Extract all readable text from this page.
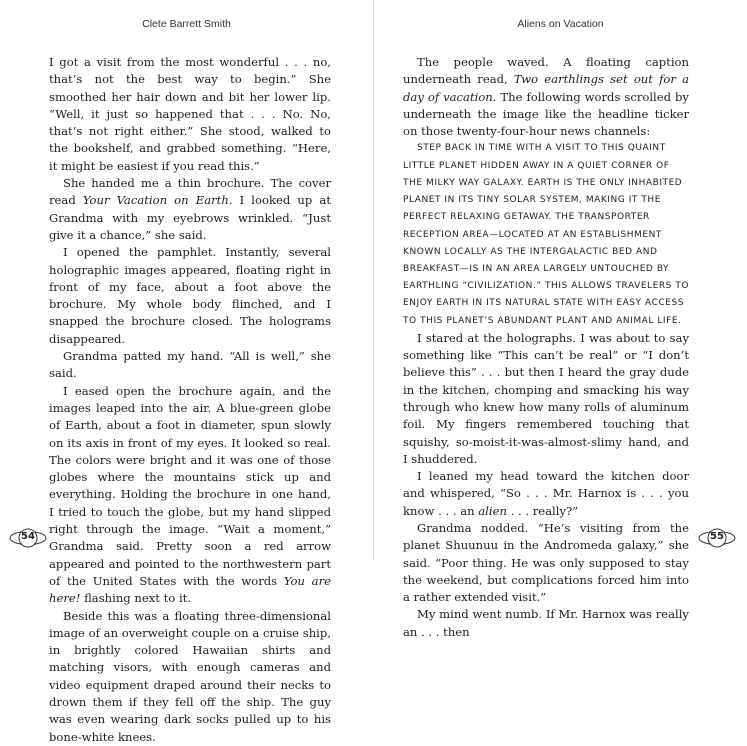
Clete Barrett Smith

I got a visit from the most wonderful . . . no, that’s not the best way to begin.” She smoothed her hair down and bit her lower lip. “Well, it just so happened that . . . No. No, that’s not right either.” She stood, walked to the bookshelf, and grabbed something. “Here, it might be easiest if you read this.”

She handed me a thin brochure. The cover read Your Vacation on Earth. I looked up at Grandma with my eyebrows wrinkled. “Just give it a chance,” she said.

I opened the pamphlet. Instantly, several holographic images appeared, floating right in front of my face, about a foot above the brochure. My whole body flinched, and I snapped the brochure closed. The holograms disappeared.

Grandma patted my hand. “All is well,” she said.

I eased open the brochure again, and the images leaped into the air. A blue-green globe of Earth, about a foot in diameter, spun slowly on its axis in front of my eyes. It looked so real. The colors were bright and it was one of those globes where the mountains stick up and everything. Holding the brochure in one hand, I tried to touch the globe, but my hand slipped right through the image. “Wait a moment,” Grandma said. Pretty soon a red arrow appeared and pointed to the northwestern part of the United States with the words You are here! flashing next to it.

Beside this was a floating three-dimensional image of an overweight couple on a cruise ship, in brightly colored Hawaiian shirts and matching visors, with enough cameras and video equipment draped around their necks to drown them if they fell off the ship. The guy was even wearing dark socks pulled up to his bone-white knees.

54
Aliens on Vacation

The people waved. A floating caption underneath read, Two earthlings set out for a day of vacation. The following words scrolled by underneath the image like the headline ticker on those twenty-four-hour news channels:

STEP BACK IN TIME WITH A VISIT TO THIS QUAINT LITTLE PLANET HIDDEN AWAY IN A QUIET CORNER OF THE MILKY WAY GALAXY. EARTH IS THE ONLY INHABITED PLANET IN ITS TINY SOLAR SYSTEM, MAKING IT THE PERFECT RELAXING GETAWAY. THE TRANSPORTER RECEPTION AREA—LOCATED AT AN ESTABLISHMENT KNOWN LOCALLY AS THE INTERGALACTIC BED AND BREAKFAST—IS IN AN AREA LARGELY UNTOUCHED BY EARTHLING “CIVILIZATION.” THIS ALLOWS TRAVELERS TO ENJOY EARTH IN ITS NATURAL STATE WITH EASY ACCESS TO THIS PLANET’S ABUNDANT PLANT AND ANIMAL LIFE.

I stared at the holographs. I was about to say something like “This can’t be real” or “I don’t believe this” . . . but then I heard the gray dude in the kitchen, chomping and smacking his way through who knew how many rolls of aluminum foil. My fingers remembered touching that squishy, so-moist-it-was-almost-slimy hand, and I shuddered.

I leaned my head toward the kitchen door and whispered, “So . . . Mr. Harnox is . . . you know . . . an alien . . . really?”

Grandma nodded. “He’s visiting from the planet Shuunuu in the Andromeda galaxy,” she said. “Poor thing. He was only supposed to stay the weekend, but complications forced him into a rather extended visit.”

My mind went numb. If Mr. Harnox was really an . . . then

55
